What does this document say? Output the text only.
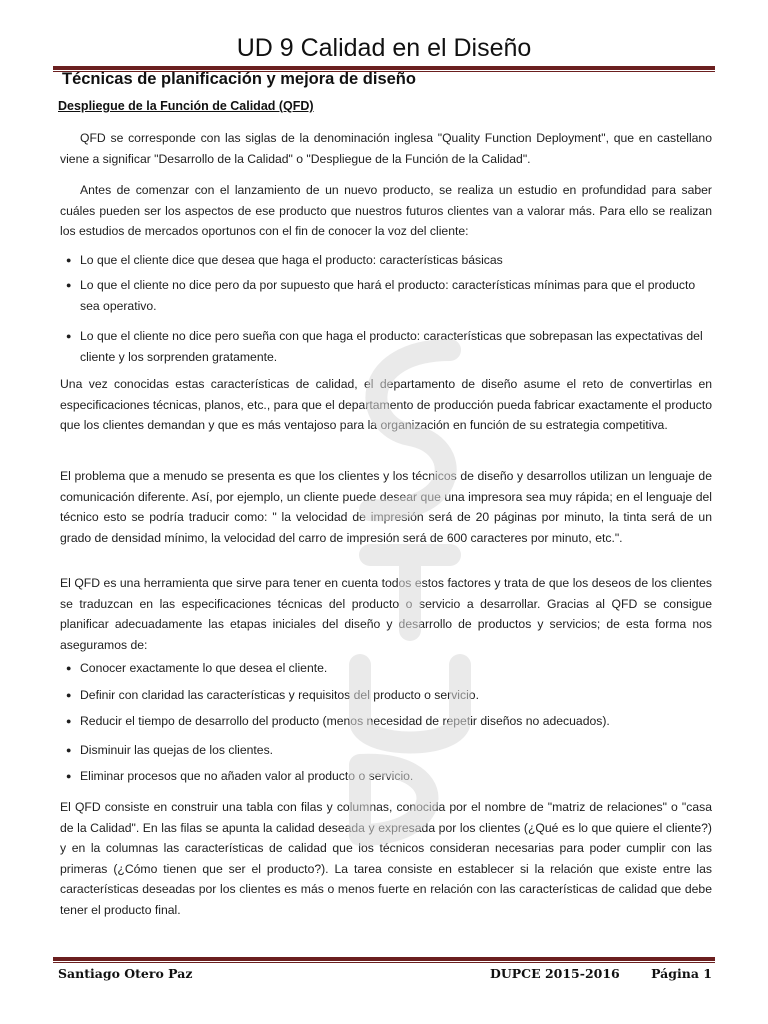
UD 9 Calidad en el Diseño
Técnicas de planificación y mejora de diseño
Despliegue de la Función de Calidad (QFD)
QFD se corresponde con las siglas de la denominación inglesa "Quality Function Deployment", que en castellano viene a significar "Desarrollo de la Calidad" o "Despliegue de la Función de la Calidad".
Antes de comenzar con el lanzamiento de un nuevo producto, se realiza un estudio en profundidad para saber cuáles pueden ser los aspectos de ese producto que nuestros futuros clientes van a valorar más. Para ello se realizan los estudios de mercados oportunos con el fin de conocer la voz del cliente:
● Lo que el cliente dice que desea que haga el producto: características básicas
● Lo que el cliente no dice pero da por supuesto que hará el producto: características mínimas para que el producto sea operativo.
● Lo que el cliente no dice pero sueña con que haga el producto: características que sobrepasan las expectativas del cliente y los sorprenden gratamente.
Una vez conocidas estas características de calidad, el departamento de diseño asume el reto de convertirlas en especificaciones técnicas, planos, etc., para que el departamento de producción pueda fabricar exactamente el producto que los clientes demandan y que es más ventajoso para la organización en función de su estrategia competitiva.
El problema que a menudo se presenta es que los clientes y los técnicos de diseño y desarrollos utilizan un lenguaje de comunicación diferente. Así, por ejemplo, un cliente puede desear que una impresora sea muy rápida; en el lenguaje del técnico esto se podría traducir como: " la velocidad de impresión será de 20 páginas por minuto, la tinta será de un grado de densidad mínimo, la velocidad del carro de impresión será de 600 caracteres por minuto, etc.".
El QFD es una herramienta que sirve para tener en cuenta todos estos factores y trata de que los deseos de los clientes se traduzcan en las especificaciones técnicas del producto o servicio a desarrollar. Gracias al QFD se consigue planificar adecuadamente las etapas iniciales del diseño y desarrollo de productos y servicios; de esta forma nos aseguramos de:
● Conocer exactamente lo que desea el cliente.
● Definir con claridad las características y requisitos del producto o servicio.
● Reducir el tiempo de desarrollo del producto (menos necesidad de repetir diseños no adecuados).
● Disminuir las quejas de los clientes.
● Eliminar procesos que no añaden valor al producto o servicio.
El QFD consiste en construir una tabla con filas y columnas, conocida por el nombre de "matriz de relaciones" o "casa de la Calidad". En las filas se apunta la calidad deseada y expresada por los clientes (¿Qué es lo que quiere el cliente?) y en la columnas las características de calidad que los técnicos consideran necesarias para poder cumplir con las primeras (¿Cómo tienen que ser el producto?). La tarea consiste en establecer si la relación que existe entre las características deseadas por los clientes es más o menos fuerte en relación con las características de calidad que debe tener el producto final.
Santiago Otero Paz	DUPCE 2015-2016	Página 1
